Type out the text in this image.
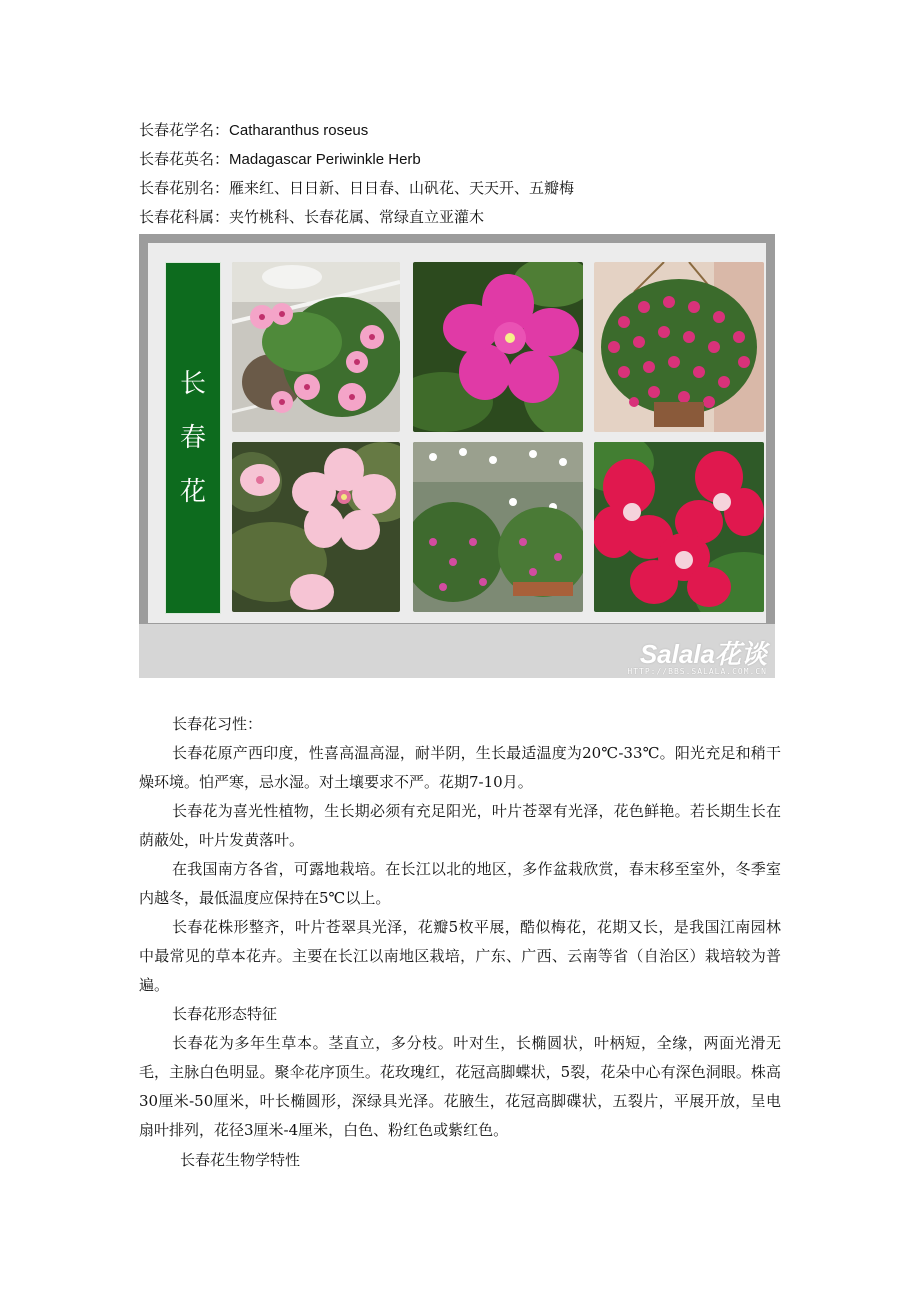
长春花学名：Catharanthus roseus
长春花英名：Madagascar Periwinkle Herb
长春花别名：雁来红、日日新、日日春、山矾花、天天开、五瓣梅
长春花科属：夹竹桃科、长春花属、常绿直立亚灌木
长
春
花
Salala花谈
HTTP://BBS.SALALA.COM.CN
长春花习性：
长春花原产西印度，性喜高温高湿，耐半阴，生长最适温度为20℃-33℃。阳光充足和稍干燥环境。怕严寒，忌水湿。对土壤要求不严。花期7-10月。
长春花为喜光性植物，生长期必须有充足阳光，叶片苍翠有光泽，花色鲜艳。若长期生长在荫蔽处，叶片发黄落叶。
在我国南方各省，可露地栽培。在长江以北的地区，多作盆栽欣赏，春末移至室外，冬季室内越冬，最低温度应保持在5℃以上。
长春花株形整齐，叶片苍翠具光泽，花瓣5枚平展，酷似梅花，花期又长，是我国江南园林中最常见的草本花卉。主要在长江以南地区栽培，广东、广西、云南等省（自治区）栽培较为普遍。
长春花形态特征
长春花为多年生草本。茎直立，多分枝。叶对生，长椭圆状，叶柄短，全缘，两面光滑无毛，主脉白色明显。聚伞花序顶生。花玫瑰红，花冠高脚蝶状，5裂，花朵中心有深色洞眼。株高30厘米-50厘米，叶长椭圆形，深绿具光泽。花腋生，花冠高脚碟状，五裂片，平展开放，呈电扇叶排列，花径3厘米-4厘米，白色、粉红色或紫红色。
长春花生物学特性
